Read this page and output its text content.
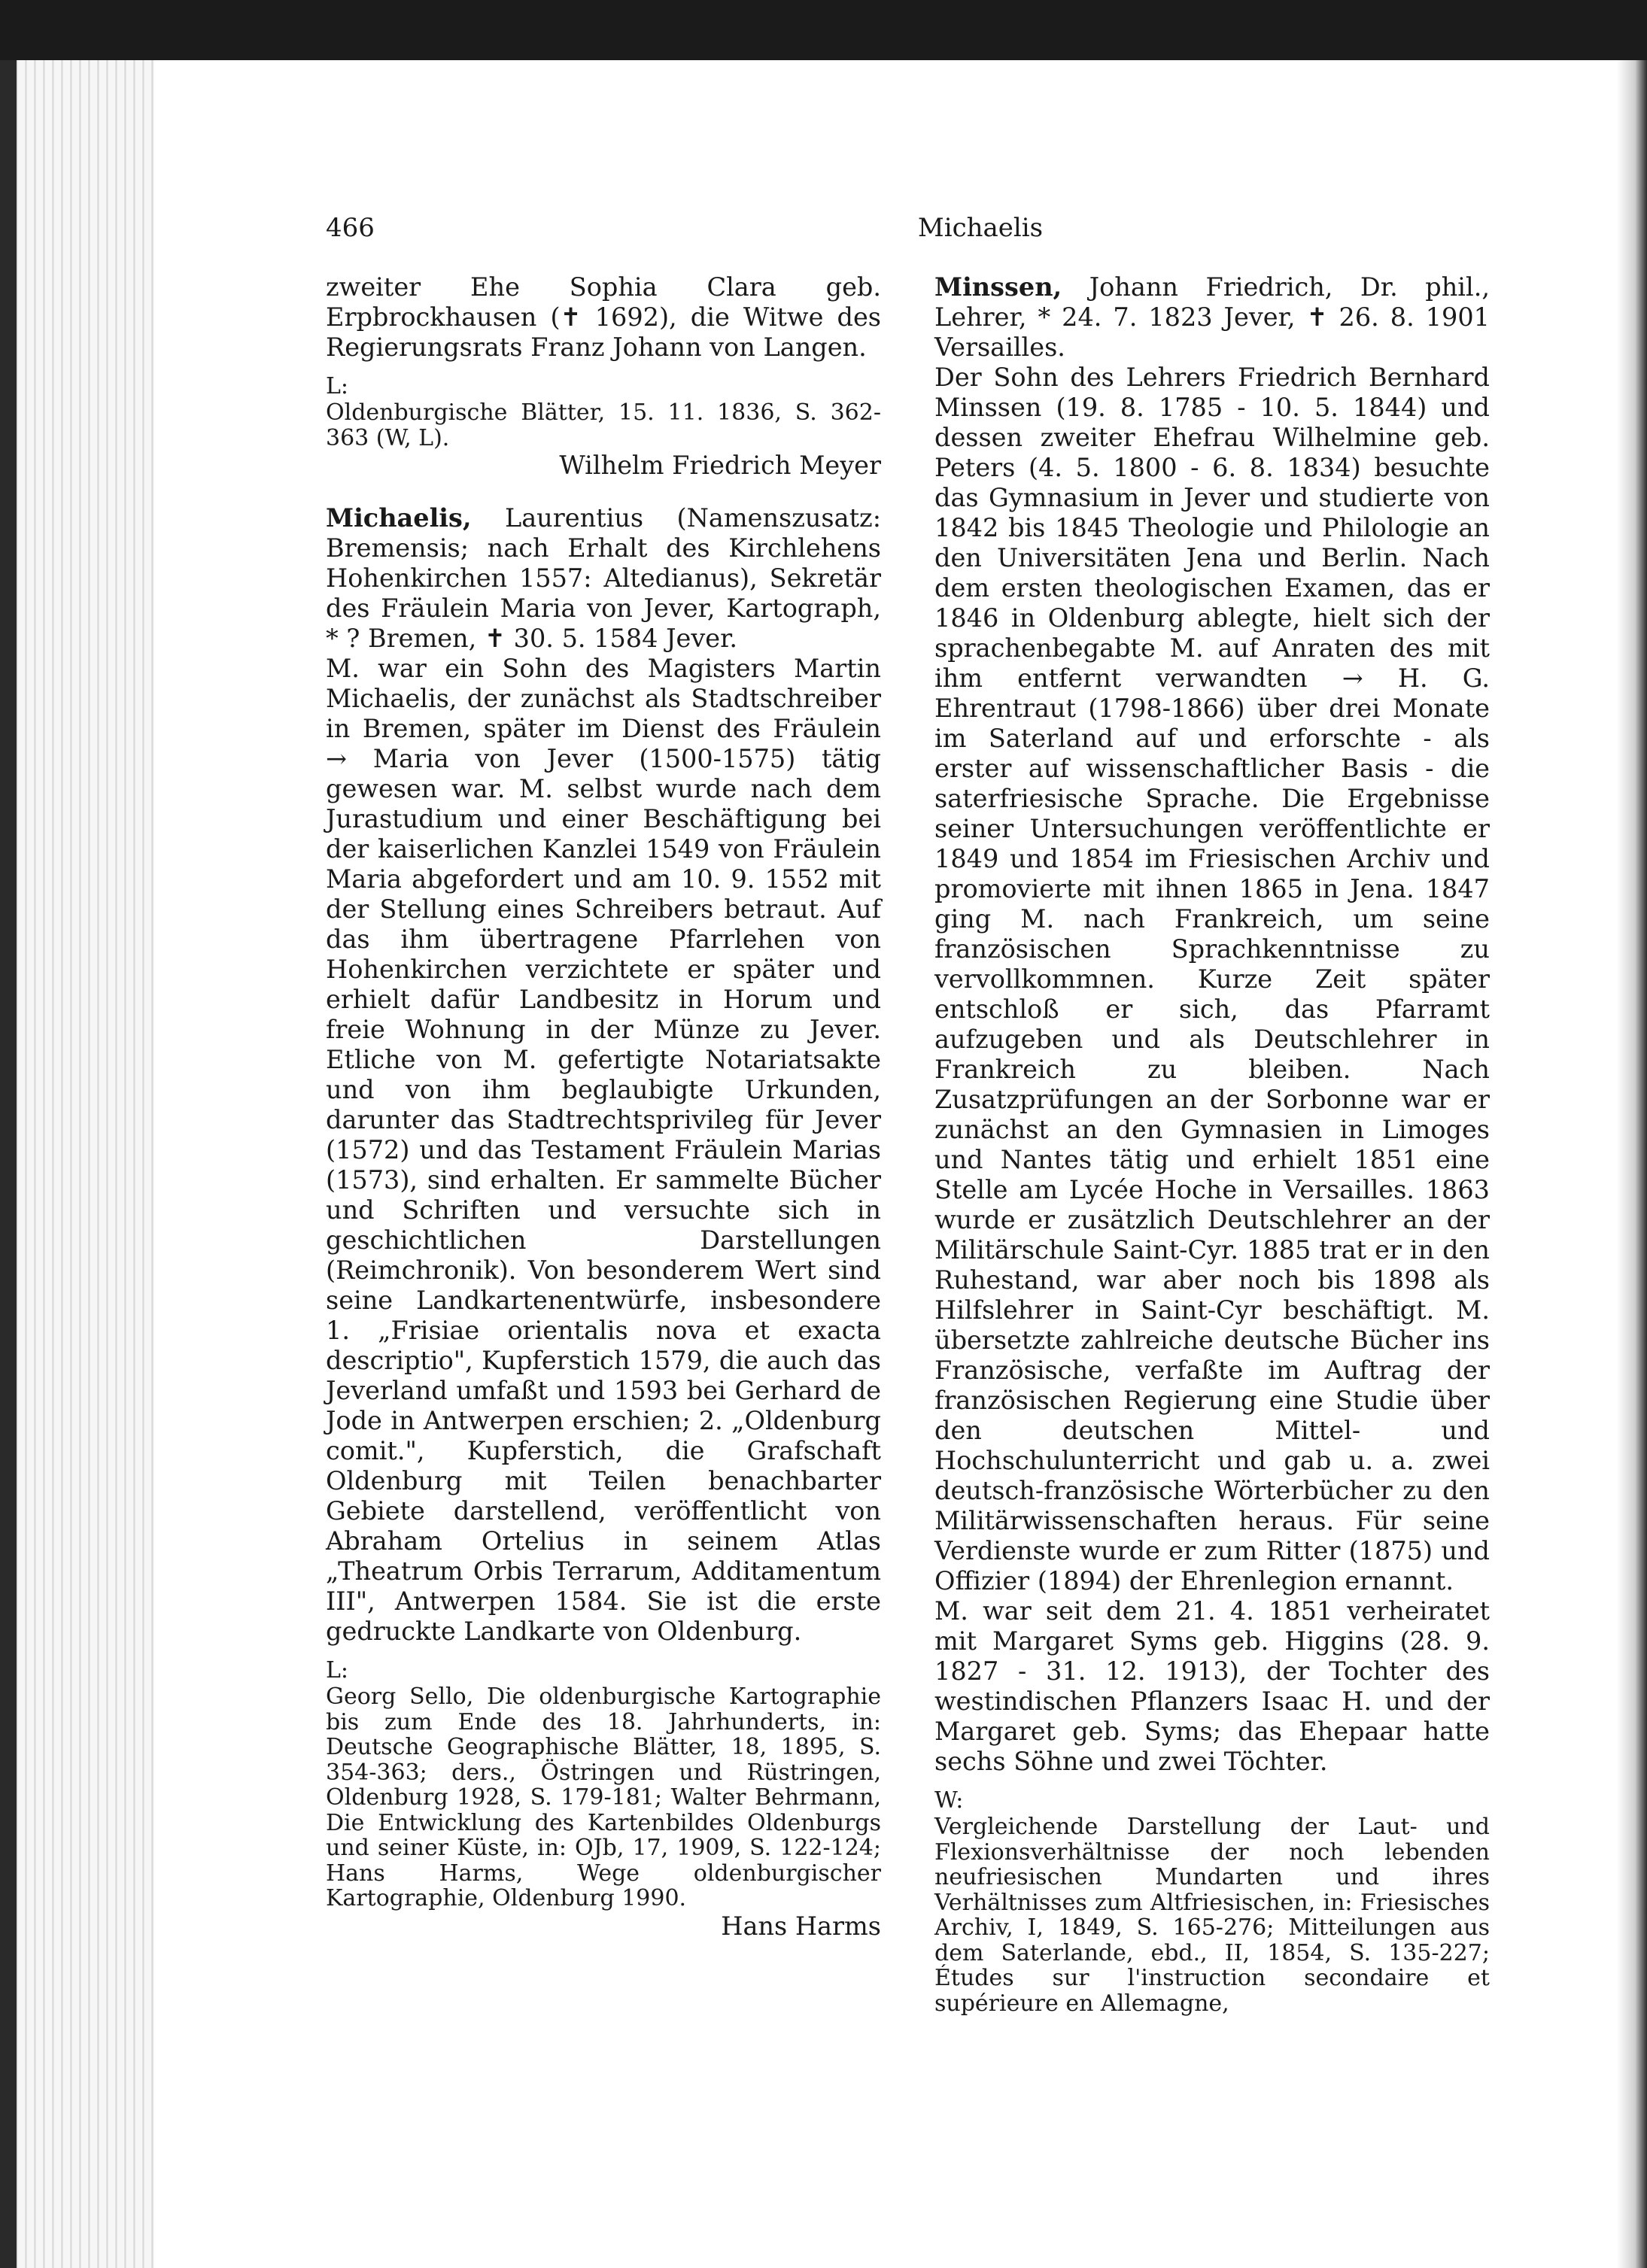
466	Michaelis

zweiter Ehe Sophia Clara geb. Erpbrockhausen (✝ 1692), die Witwe des Regierungsrats Franz Johann von Langen.

L:

Oldenburgische Blätter, 15. 11. 1836, S. 362-363 (W, L).

Wilhelm Friedrich Meyer

Michaelis, Laurentius (Namenszusatz: Bremensis; nach Erhalt des Kirchlehens Hohenkirchen 1557: Altedianus), Sekretär des Fräulein Maria von Jever, Kartograph, * ? Bremen, ✝ 30. 5. 1584 Jever.

M. war ein Sohn des Magisters Martin Michaelis, der zunächst als Stadtschreiber in Bremen, später im Dienst des Fräulein → Maria von Jever (1500-1575) tätig gewesen war. M. selbst wurde nach dem Jurastudium und einer Beschäftigung bei der kaiserlichen Kanzlei 1549 von Fräulein Maria abgefordert und am 10. 9. 1552 mit der Stellung eines Schreibers betraut. Auf das ihm übertragene Pfarrlehen von Hohenkirchen verzichtete er später und erhielt dafür Landbesitz in Horum und freie Wohnung in der Münze zu Jever. Etliche von M. gefertigte Notariatsakte und von ihm beglaubigte Urkunden, darunter das Stadtrechtsprivileg für Jever (1572) und das Testament Fräulein Marias (1573), sind erhalten. Er sammelte Bücher und Schriften und versuchte sich in geschichtlichen Darstellungen (Reimchronik). Von besonderem Wert sind seine Landkartenentwürfe, insbesondere 1. „Frisiae orientalis nova et exacta descriptio", Kupferstich 1579, die auch das Jeverland umfaßt und 1593 bei Gerhard de Jode in Antwerpen erschien; 2. „Oldenburg comit.", Kupferstich, die Grafschaft Oldenburg mit Teilen benachbarter Gebiete darstellend, veröffentlicht von Abraham Ortelius in seinem Atlas „Theatrum Orbis Terrarum, Additamentum III", Antwerpen 1584. Sie ist die erste gedruckte Landkarte von Oldenburg.

L:

Georg Sello, Die oldenburgische Kartographie bis zum Ende des 18. Jahrhunderts, in: Deutsche Geographische Blätter, 18, 1895, S. 354-363; ders., Östringen und Rüstringen, Oldenburg 1928, S. 179-181; Walter Behrmann, Die Entwicklung des Kartenbildes Oldenburgs und seiner Küste, in: OJb, 17, 1909, S. 122-124; Hans Harms, Wege oldenburgischer Kartographie, Oldenburg 1990.

Hans Harms

Minssen, Johann Friedrich, Dr. phil., Lehrer, * 24. 7. 1823 Jever, ✝ 26. 8. 1901 Versailles.

Der Sohn des Lehrers Friedrich Bernhard Minssen (19. 8. 1785 - 10. 5. 1844) und dessen zweiter Ehefrau Wilhelmine geb. Peters (4. 5. 1800 - 6. 8. 1834) besuchte das Gymnasium in Jever und studierte von 1842 bis 1845 Theologie und Philologie an den Universitäten Jena und Berlin. Nach dem ersten theologischen Examen, das er 1846 in Oldenburg ablegte, hielt sich der sprachenbegabte M. auf Anraten des mit ihm entfernt verwandten → H. G. Ehrentraut (1798-1866) über drei Monate im Saterland auf und erforschte - als erster auf wissenschaftlicher Basis - die saterfriesische Sprache. Die Ergebnisse seiner Untersuchungen veröffentlichte er 1849 und 1854 im Friesischen Archiv und promovierte mit ihnen 1865 in Jena. 1847 ging M. nach Frankreich, um seine französischen Sprachkenntnisse zu vervollkommnen. Kurze Zeit später entschloß er sich, das Pfarramt aufzugeben und als Deutschlehrer in Frankreich zu bleiben. Nach Zusatzprüfungen an der Sorbonne war er zunächst an den Gymnasien in Limoges und Nantes tätig und erhielt 1851 eine Stelle am Lycée Hoche in Versailles. 1863 wurde er zusätzlich Deutschlehrer an der Militärschule Saint-Cyr. 1885 trat er in den Ruhestand, war aber noch bis 1898 als Hilfslehrer in Saint-Cyr beschäftigt. M. übersetzte zahlreiche deutsche Bücher ins Französische, verfaßte im Auftrag der französischen Regierung eine Studie über den deutschen Mittel- und Hochschulunterricht und gab u. a. zwei deutsch-französische Wörterbücher zu den Militärwissenschaften heraus. Für seine Verdienste wurde er zum Ritter (1875) und Offizier (1894) der Ehrenlegion ernannt.

M. war seit dem 21. 4. 1851 verheiratet mit Margaret Syms geb. Higgins (28. 9. 1827 - 31. 12. 1913), der Tochter des westindischen Pflanzers Isaac H. und der Margaret geb. Syms; das Ehepaar hatte sechs Söhne und zwei Töchter.

W:

Vergleichende Darstellung der Laut- und Flexionsverhältnisse der noch lebenden neufriesischen Mundarten und ihres Verhältnisses zum Altfriesischen, in: Friesisches Archiv, I, 1849, S. 165-276; Mitteilungen aus dem Saterlande, ebd., II, 1854, S. 135-227; Études sur l'instruction secondaire et supérieure en Allemagne,
